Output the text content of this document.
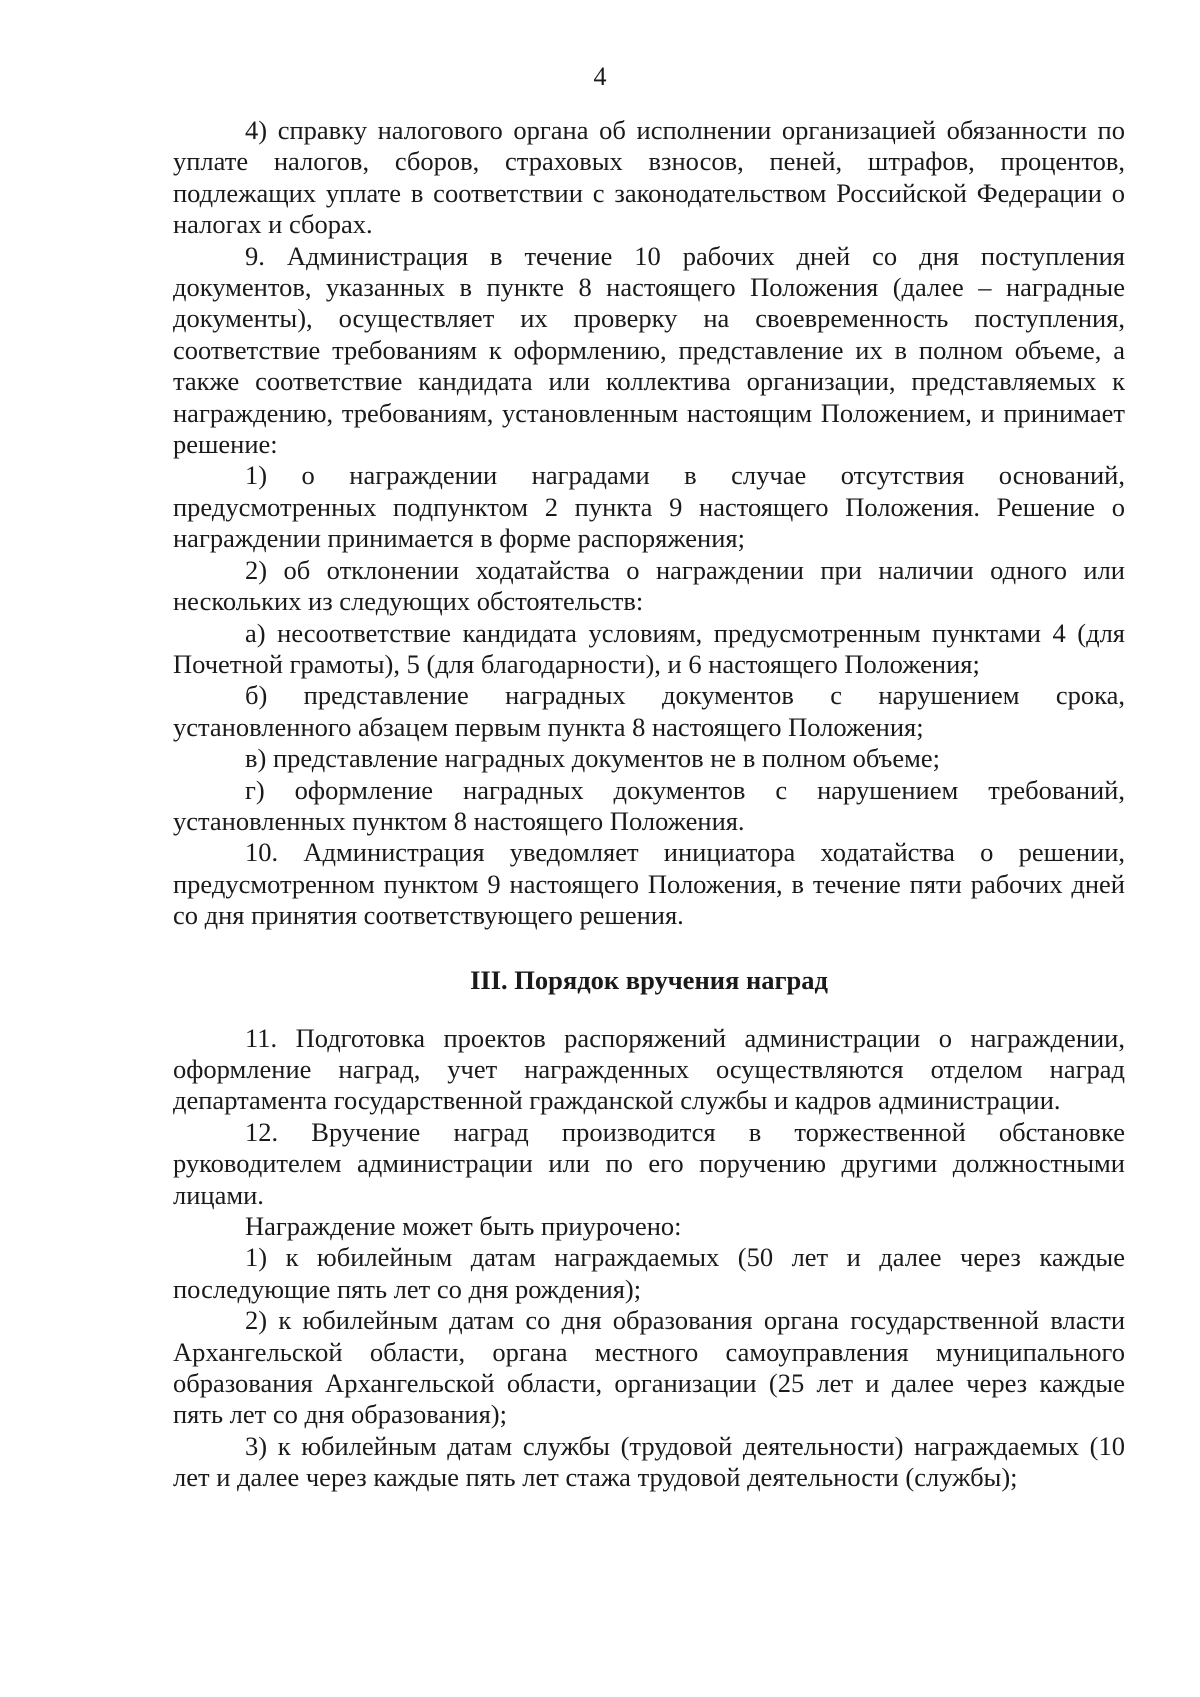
4

4) справку налогового органа об исполнении организацией обязанности по уплате налогов, сборов, страховых взносов, пеней, штрафов, процентов, подлежащих уплате в соответствии с законодательством Российской Федерации о налогах и сборах.

9. Администрация в течение 10 рабочих дней со дня поступления документов, указанных в пункте 8 настоящего Положения (далее – наградные документы), осуществляет их проверку на своевременность поступления, соответствие требованиям к оформлению, представление их в полном объеме, а также соответствие кандидата или коллектива организации, представляемых к награждению, требованиям, установленным настоящим Положением, и принимает решение:

1) о награждении наградами в случае отсутствия оснований, предусмотренных подпунктом 2 пункта 9 настоящего Положения. Решение о награждении принимается в форме распоряжения;

2) об отклонении ходатайства о награждении при наличии одного или нескольких из следующих обстоятельств:

а) несоответствие кандидата условиям, предусмотренным пунктами 4 (для Почетной грамоты), 5 (для благодарности), и 6 настоящего Положения;

б) представление наградных документов с нарушением срока, установленного абзацем первым пункта 8 настоящего Положения;

в) представление наградных документов не в полном объеме;

г) оформление наградных документов с нарушением требований, установленных пунктом 8 настоящего Положения.

10. Администрация уведомляет инициатора ходатайства о решении, предусмотренном пунктом 9 настоящего Положения, в течение пяти рабочих дней со дня принятия соответствующего решения.

III. Порядок вручения наград

11. Подготовка проектов распоряжений администрации о награждении, оформление наград, учет награжденных осуществляются отделом наград департамента государственной гражданской службы и кадров администрации.

12. Вручение наград производится в торжественной обстановке руководителем администрации или по его поручению другими должностными лицами.

Награждение может быть приурочено:

1) к юбилейным датам награждаемых (50 лет и далее через каждые последующие пять лет со дня рождения);

2) к юбилейным датам со дня образования органа государственной власти Архангельской области, органа местного самоуправления муниципального образования Архангельской области, организации (25 лет и далее через каждые пять лет со дня образования);

3) к юбилейным датам службы (трудовой деятельности) награждаемых (10 лет и далее через каждые пять лет стажа трудовой деятельности (службы);
